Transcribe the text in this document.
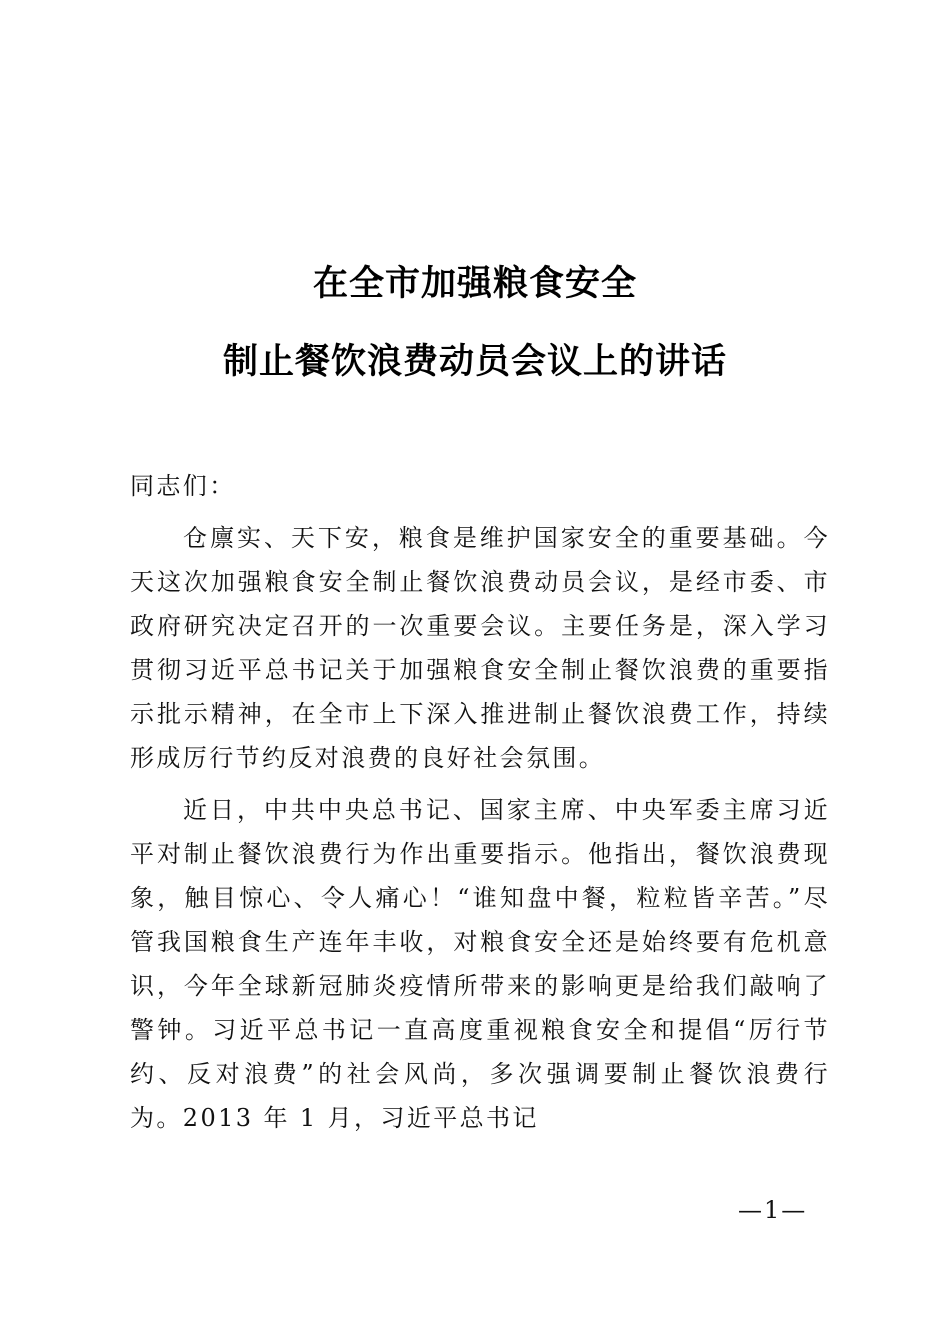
在全市加强粮食安全
制止餐饮浪费动员会议上的讲话

同志们：

仓廪实、天下安，粮食是维护国家安全的重要基础。今天这次加强粮食安全制止餐饮浪费动员会议，是经市委、市政府研究决定召开的一次重要会议。主要任务是，深入学习贯彻习近平总书记关于加强粮食安全制止餐饮浪费的重要指示批示精神，在全市上下深入推进制止餐饮浪费工作，持续形成厉行节约反对浪费的良好社会氛围。

近日，中共中央总书记、国家主席、中央军委主席习近平对制止餐饮浪费行为作出重要指示。他指出，餐饮浪费现象，触目惊心、令人痛心！“谁知盘中餐，粒粒皆辛苦。”尽管我国粮食生产连年丰收，对粮食安全还是始终要有危机意识，今年全球新冠肺炎疫情所带来的影响更是给我们敲响了警钟。习近平总书记一直高度重视粮食安全和提倡“厉行节约、反对浪费”的社会风尚，多次强调要制止餐饮浪费行为。2013 年 1 月，习近平总书记

—1—
